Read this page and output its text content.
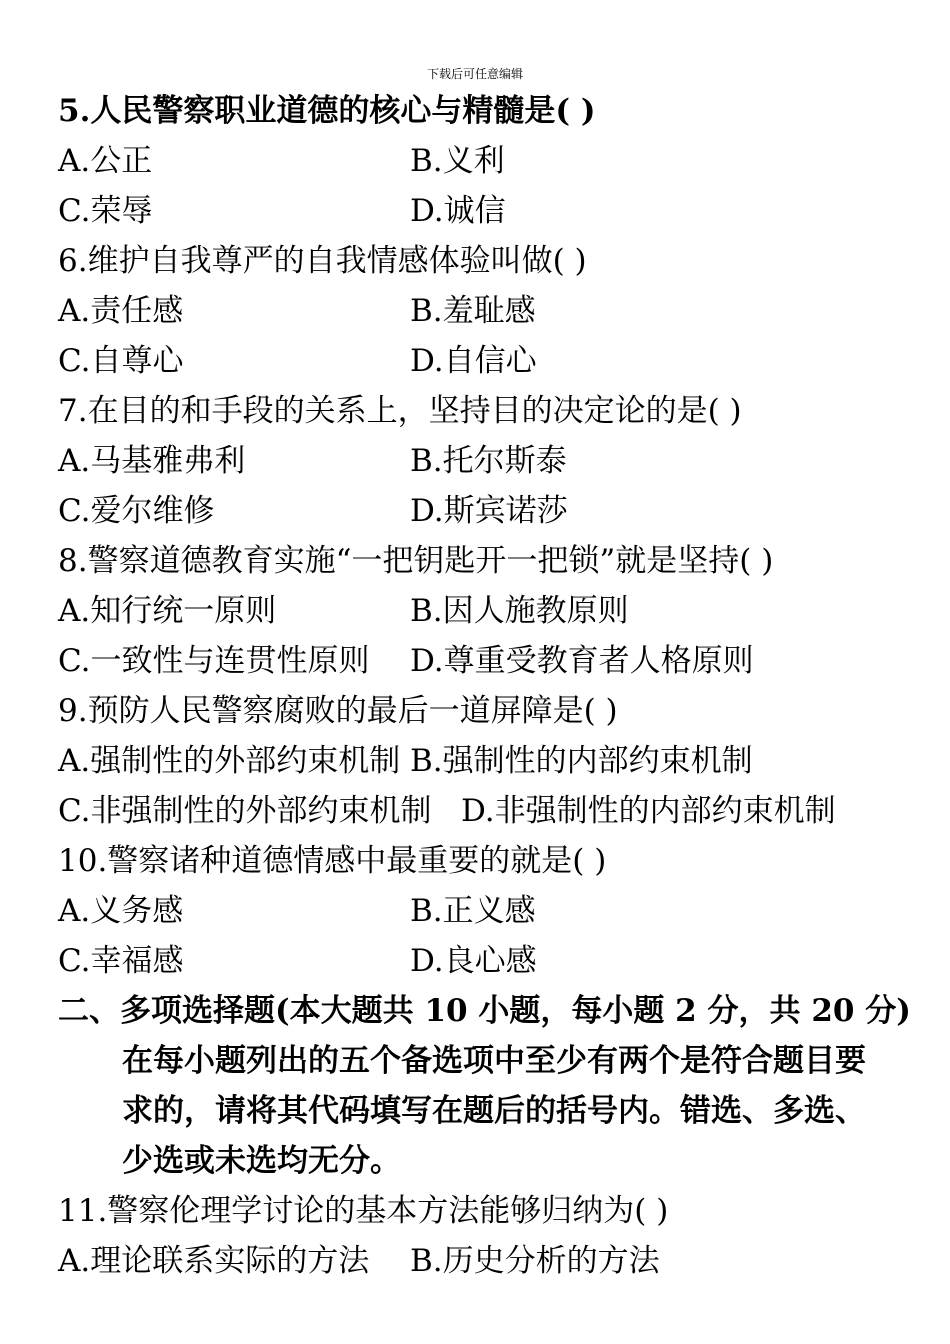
下载后可任意编辑
5.人民警察职业道德的核心与精髓是( )
A.公正	B.义利
C.荣辱	D.诚信
6.维护自我尊严的自我情感体验叫做( )
A.责任感	B.羞耻感
C.自尊心	D.自信心
7.在目的和手段的关系上，坚持目的决定论的是( )
A.马基雅弗利	B.托尔斯泰
C.爱尔维修	D.斯宾诺莎
8.警察道德教育实施“一把钥匙开一把锁”就是坚持( )
A.知行统一原则	B.因人施教原则
C.一致性与连贯性原则 D.尊重受教育者人格原则
9.预防人民警察腐败的最后一道屏障是( )
A.强制性的外部约束机制 B.强制性的内部约束机制
C.非强制性的外部约束机制 D.非强制性的内部约束机制
10.警察诸种道德情感中最重要的就是( )
A.义务感	B.正义感
C.幸福感	D.良心感
二、多项选择题(本大题共 10 小题，每小题 2 分，共 20 分)
在每小题列出的五个备选项中至少有两个是符合题目要
求的，请将其代码填写在题后的括号内。错选、多选、
少选或未选均无分。
11.警察伦理学讨论的基本方法能够归纳为( )
A.理论联系实际的方法 B.历史分析的方法
